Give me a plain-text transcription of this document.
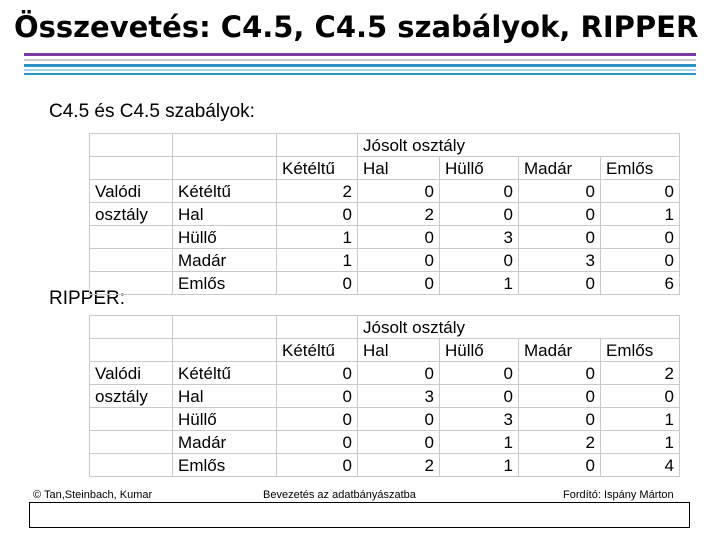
Összevetés: C4.5, C4.5 szabályok, RIPPER
C4.5 és C4.5 szabályok:
RIPPER:
			Jósolt osztály			
		Kétéltű	Hal	Hüllő	Madár	Emlős
Valódi	Kétéltű	2	0	0	0	0
osztály	Hal	0	2	0	0	1
	Hüllő	1	0	3	0	0
	Madár	1	0	0	3	0
	Emlős	0	0	1	0	6
			Jósolt osztály			
		Kétéltű	Hal	Hüllő	Madár	Emlős
Valódi	Kétéltű	0	0	0	0	2
osztály	Hal	0	3	0	0	0
	Hüllő	0	0	3	0	1
	Madár	0	0	1	2	1
	Emlős	0	2	1	0	4
© Tan,Steinbach, Kumar	Bevezetés az adatbányászatba	Fordító: Ispány Márton
